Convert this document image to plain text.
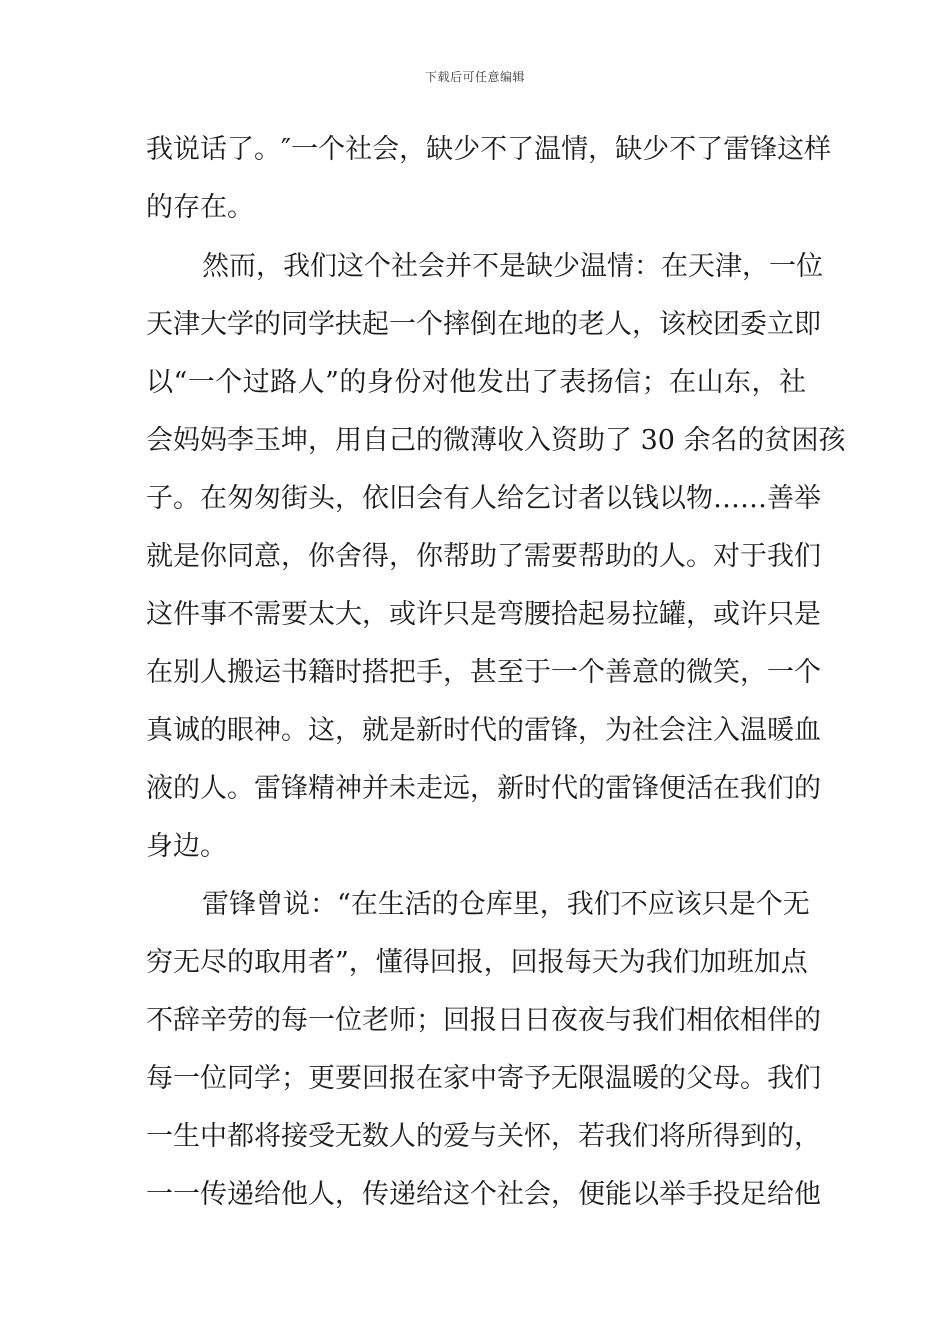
下载后可任意编辑
我说话了。″一个社会，缺少不了温情，缺少不了雷锋这样
的存在。
然而，我们这个社会并不是缺少温情：在天津，一位
天津大学的同学扶起一个摔倒在地的老人，该校团委立即
以“一个过路人”的身份对他发出了表扬信；在山东，社
会妈妈李玉坤，用自己的微薄收入资助了 30 余名的贫困孩
子。在匆匆街头，依旧会有人给乞讨者以钱以物……善举
就是你同意，你舍得，你帮助了需要帮助的人。对于我们
这件事不需要太大，或许只是弯腰拾起易拉罐，或许只是
在别人搬运书籍时搭把手，甚至于一个善意的微笑，一个
真诚的眼神。这，就是新时代的雷锋，为社会注入温暖血
液的人。雷锋精神并未走远，新时代的雷锋便活在我们的
身边。
雷锋曾说：“在生活的仓库里，我们不应该只是个无
穷无尽的取用者”，懂得回报，回报每天为我们加班加点
不辞辛劳的每一位老师；回报日日夜夜与我们相依相伴的
每一位同学；更要回报在家中寄予无限温暖的父母。我们
一生中都将接受无数人的爱与关怀，若我们将所得到的，
一一传递给他人，传递给这个社会，便能以举手投足给他
